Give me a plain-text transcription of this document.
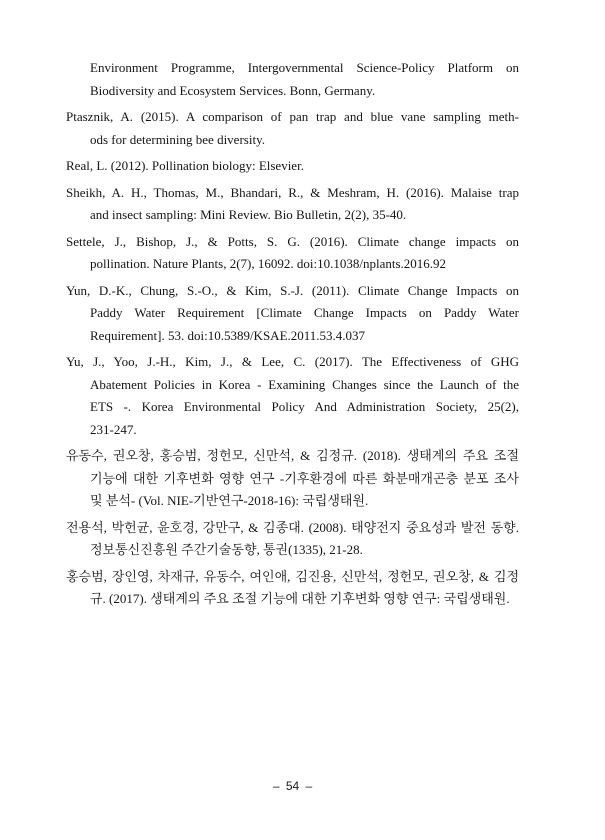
Environment Programme, Intergovernmental Science-Policy Platform on
Biodiversity and Ecosystem Services. Bonn, Germany.

Ptasznik, A. (2015). A comparison of pan trap and blue vane sampling meth-
ods for determining bee diversity.

Real, L. (2012). Pollination biology: Elsevier.

Sheikh, A. H., Thomas, M., Bhandari, R., & Meshram, H. (2016). Malaise trap
and insect sampling: Mini Review. Bio Bulletin, 2(2), 35-40.

Settele, J., Bishop, J., & Potts, S. G. (2016). Climate change impacts on
pollination. Nature Plants, 2(7), 16092. doi:10.1038/nplants.2016.92

Yun, D.-K., Chung, S.-O., & Kim, S.-J. (2011). Climate Change Impacts on
Paddy Water Requirement [Climate Change Impacts on Paddy Water
Requirement]. 53. doi:10.5389/KSAE.2011.53.4.037

Yu, J., Yoo, J.-H., Kim, J., & Lee, C. (2017). The Effectiveness of GHG
Abatement Policies in Korea - Examining Changes since the Launch of the
ETS -. Korea Environmental Policy And Administration Society, 25(2),
231-247.

유동수, 권오창, 홍승범, 정헌모, 신만석, & 김정규. (2018). 생태계의 주요 조절
기능에 대한 기후변화 영향 연구 -기후환경에 따른 화분매개곤충 분포 조사
및 분석- (Vol. NIE-기반연구-2018-16): 국립생태원.

전용석, 박헌균, 윤호경, 강만구, & 김종대. (2008). 태양전지 중요성과 발전 동향.
정보통신진흥원 주간기술동향, 통권(1335), 21-28.

홍승범, 장인영, 차재규, 유동수, 여인애, 김진용, 신만석, 정헌모, 권오창, & 김정
규. (2017). 생태계의 주요 조절 기능에 대한 기후변화 영향 연구: 국립생태원.

– 54 –
